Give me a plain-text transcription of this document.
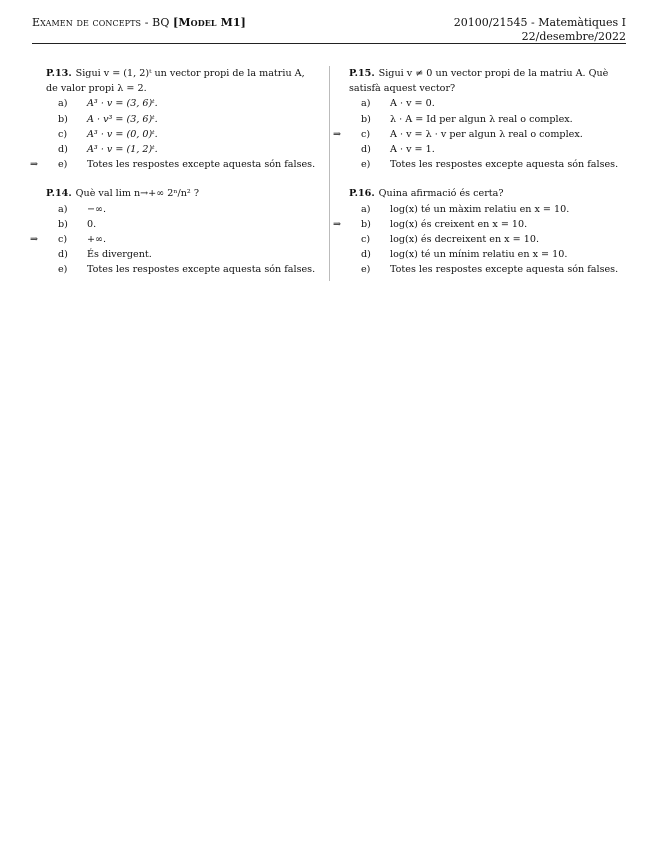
Examen de concepts - BQ [Model M1]	20100/21545 - Matemàtiques I
22/desembre/2022
P.13. Sigui v = (1, 2)ᵗ un vector propi de la matriu A, de valor propi λ = 2.
a) A³ · v = (3, 6)ᵗ.
b) A · v³ = (3, 6)ᵗ.
c) A³ · v = (0, 0)ᵗ.
d) A³ · v = (1, 2)ᵗ.
⇒	e) Totes les respostes excepte aquesta són falses.
P.14. Què val lim n→+∞ 2ⁿ/n² ?
a) −∞.
b) 0.
⇒	c) +∞.
d) És divergent.
e) Totes les respostes excepte aquesta són falses.
P.15. Sigui v ≠ 0 un vector propi de la matriu A. Què satisfà aquest vector?
a) A · v = 0.
b) λ · A = Id per algun λ real o complex.
⇒	c) A · v = λ · v per algun λ real o complex.
d) A · v = 1.
e) Totes les respostes excepte aquesta són falses.
P.16. Quina afirmació és certa?
a) log(x) té un màxim relatiu en x = 10.
⇒	b) log(x) és creixent en x = 10.
c) log(x) és decreixent en x = 10.
d) log(x) té un mínim relatiu en x = 10.
e) Totes les respostes excepte aquesta són falses.
